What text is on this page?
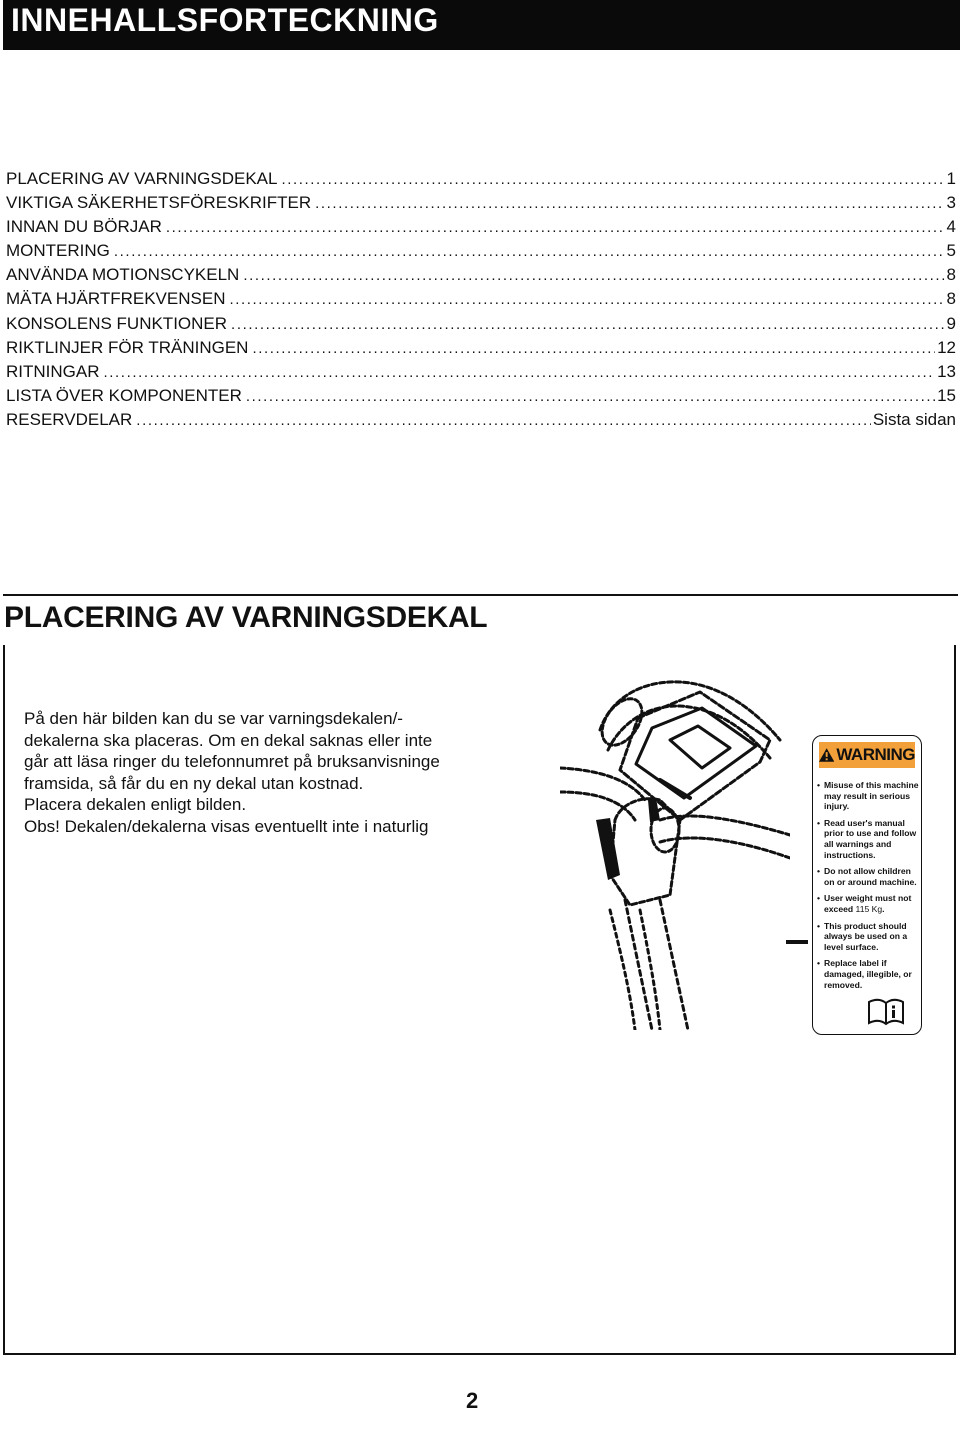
INNEHALLSFORTECKNING
PLACERING AV VARNINGSDEKAL .....	1
VIKTIGA SÄKERHETSFÖRESKRIFTER .....	3
INNAN DU BÖRJAR .....	4
MONTERING .....	5
ANVÄNDA MOTIONSCYKELN .....	8
MÄTA HJÄRTFREKVENSEN .....	8
KONSOLENS FUNKTIONER .....	9
RIKTLINJER FÖR TRÄNINGEN .....	12
RITNINGAR .....	13
LISTA ÖVER KOMPONENTER .....	15
RESERVDELAR .....	Sista sidan
PLACERING AV VARNINGSDEKAL
På den här bilden kan du se var varningsdekalen/-
dekalerna ska placeras. Om en dekal saknas eller inte
går att läsa ringer du telefonnumret på bruksanvisninge
framsida, så får du en ny dekal utan kostnad.
Placera dekalen enligt bilden.
Obs! Dekalen/dekalerna visas eventuellt inte i naturlig
WARNING
• Misuse of this machine may result in serious injury.
• Read user's manual prior to use and follow all warnings and instructions.
• Do not allow children on or around machine.
• User weight must not exceed 115 Kg.
• This product should always be used on a level surface.
• Replace label if damaged, illegible, or removed.
2
